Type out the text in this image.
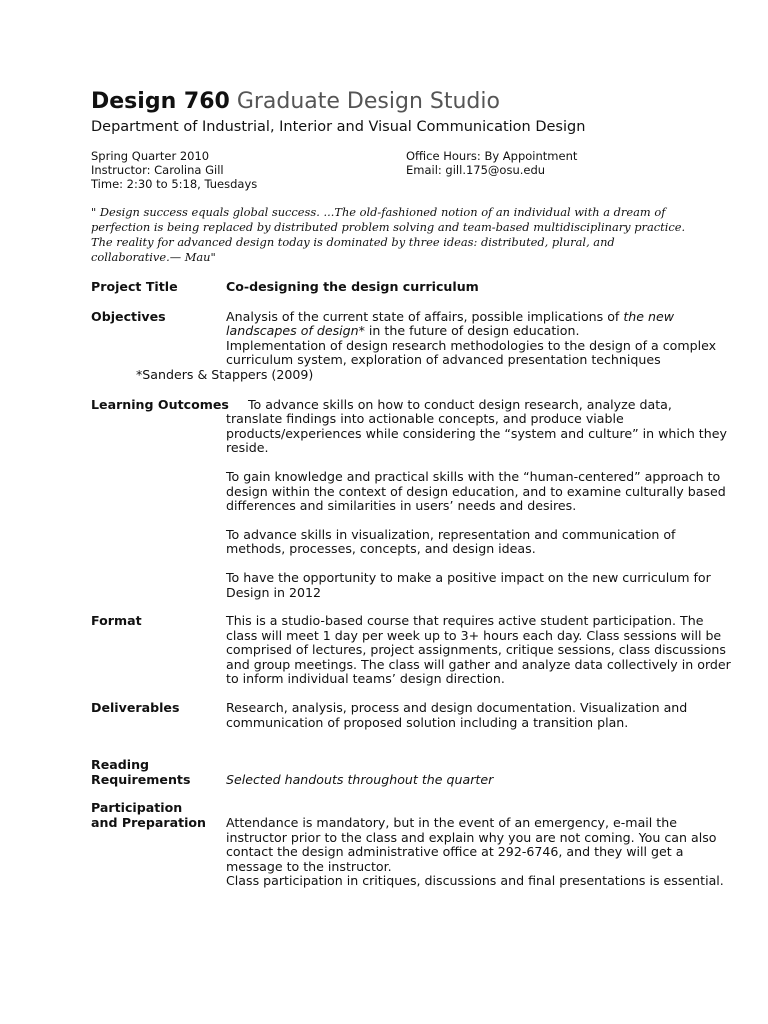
Design 760 Graduate Design Studio
Department of Industrial, Interior and Visual Communication Design
Spring Quarter 2010
Instructor: Carolina Gill
Time: 2:30 to 5:18, Tuesdays
Office Hours: By Appointment
Email: gill.175@osu.edu
" Design success equals global success. ...The old-fashioned notion of an individual with a dream of perfection is being replaced by distributed problem solving and team-based multidisciplinary practice. The reality for advanced design today is dominated by three ideas: distributed, plural, and collaborative.— Mau"
Project Title	Co-designing the design curriculum
Objectives	Analysis of the current state of affairs, possible implications of the new landscapes of design* in the future of design education.

Implementation of design research methodologies to the design of a complex curriculum system, exploration of advanced presentation techniques

*Sanders & Stappers (2009)
Learning Outcomes	To advance skills on how to conduct design research, analyze data, translate findings into actionable concepts, and produce viable products/experiences while considering the “system and culture” in which they reside.

To gain knowledge and practical skills with the “human-centered” approach to design within the context of design education, and to examine culturally based differences and similarities in users’ needs and desires.

To advance skills in visualization, representation and communication of methods, processes, concepts, and design ideas.

To have the opportunity to make a positive impact on the new curriculum for Design in 2012

Format	This is a studio-based course that requires active student participation. The class will meet 1 day per week up to 3+ hours each day. Class sessions will be comprised of lectures, project assignments, critique sessions, class discussions and group meetings. The class will gather and analyze data collectively in order to inform individual teams’ design direction.
Deliverables	Research, analysis, process and design documentation. Visualization and communication of proposed solution including a transition plan.
Reading
Requirements	Selected handouts throughout the quarter
Participation
and Preparation	Attendance is mandatory, but in the event of an emergency, e-mail the instructor prior to the class and explain why you are not coming. You can also contact the design administrative office at 292-6746, and they will get a message to the instructor.

Class participation in critiques, discussions and final presentations is essential.
